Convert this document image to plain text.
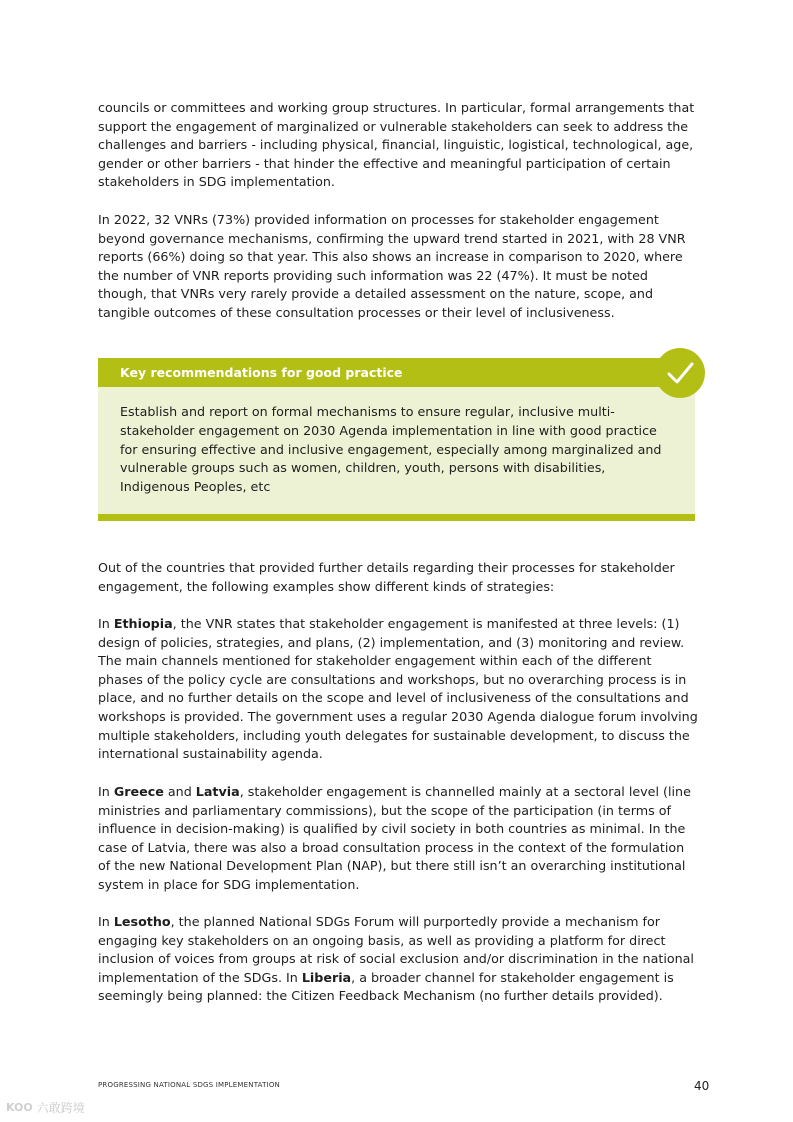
councils or committees and working group structures. In particular, formal arrangements that support the engagement of marginalized or vulnerable stakeholders can seek to address the challenges and barriers - including physical, financial, linguistic, logistical, technological, age, gender or other barriers - that hinder the effective and meaningful participation of certain stakeholders in SDG implementation.

In 2022, 32 VNRs (73%) provided information on processes for stakeholder engagement beyond governance mechanisms, confirming the upward trend started in 2021, with 28 VNR reports (66%) doing so that year. This also shows an increase in comparison to 2020, where the number of VNR reports providing such information was 22 (47%). It must be noted though, that VNRs very rarely provide a detailed assessment on the nature, scope, and tangible outcomes of these consultation processes or their level of inclusiveness.

Key recommendations for good practice

Establish and report on formal mechanisms to ensure regular, inclusive multi-stakeholder engagement on 2030 Agenda implementation in line with good practice for ensuring effective and inclusive engagement, especially among marginalized and vulnerable groups such as women, children, youth, persons with disabilities, Indigenous Peoples, etc

Out of the countries that provided further details regarding their processes for stakeholder engagement, the following examples show different kinds of strategies:

In Ethiopia, the VNR states that stakeholder engagement is manifested at three levels: (1) design of policies, strategies, and plans, (2) implementation, and (3) monitoring and review. The main channels mentioned for stakeholder engagement within each of the different phases of the policy cycle are consultations and workshops, but no overarching process is in place, and no further details on the scope and level of inclusiveness of the consultations and workshops is provided. The government uses a regular 2030 Agenda dialogue forum involving multiple stakeholders, including youth delegates for sustainable development, to discuss the international sustainability agenda.

In Greece and Latvia, stakeholder engagement is channelled mainly at a sectoral level (line ministries and parliamentary commissions), but the scope of the participation (in terms of influence in decision-making) is qualified by civil society in both countries as minimal. In the case of Latvia, there was also a broad consultation process in the context of the formulation of the new National Development Plan (NAP), but there still isn’t an overarching institutional system in place for SDG implementation.

In Lesotho, the planned National SDGs Forum will purportedly provide a mechanism for engaging key stakeholders on an ongoing basis, as well as providing a platform for direct inclusion of voices from groups at risk of social exclusion and/or discrimination in the national implementation of the SDGs. In Liberia, a broader channel for stakeholder engagement is seemingly being planned: the Citizen Feedback Mechanism (no further details provided).

PROGRESSING NATIONAL SDGS IMPLEMENTATION	40
KOO 六敢跨境
